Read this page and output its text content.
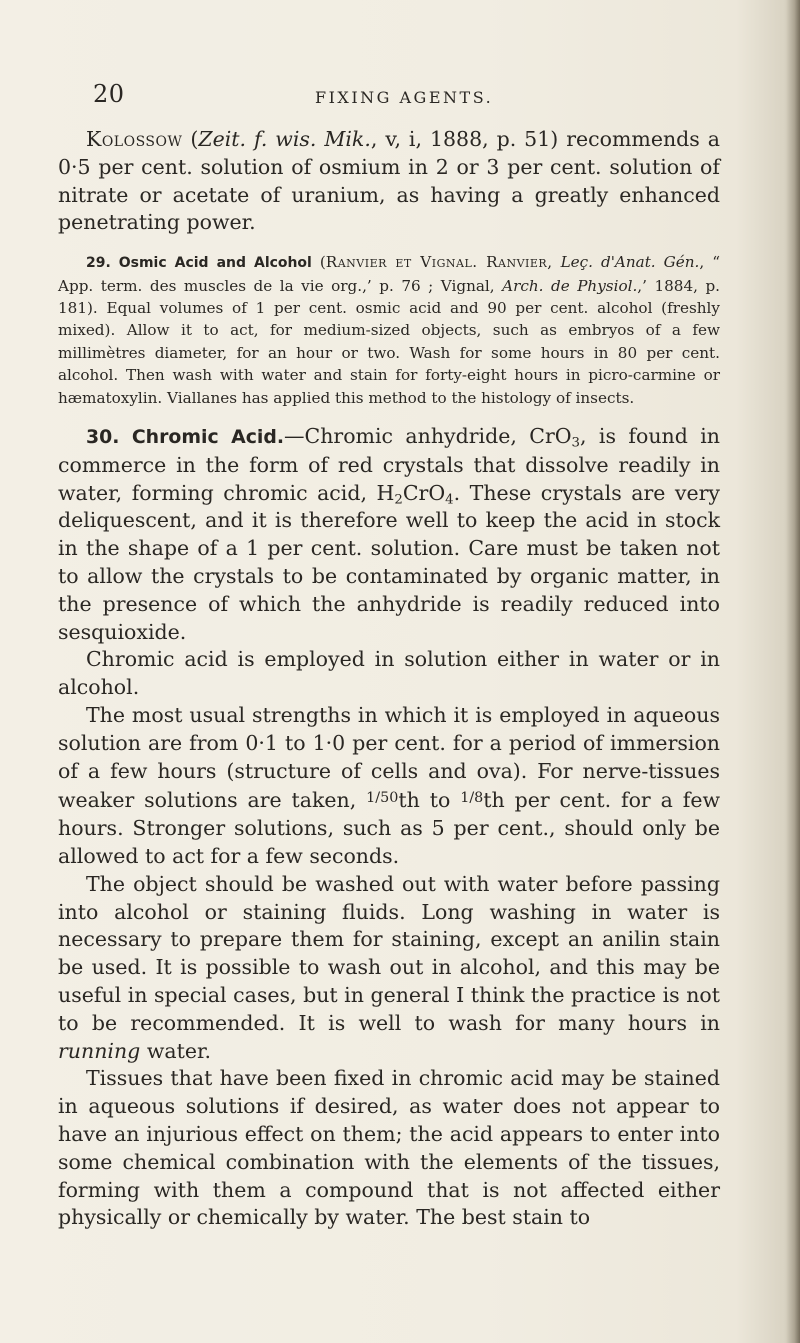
20	FIXING AGENTS.

Kolossow (Zeit. f. wis. Mik., v, i, 1888, p. 51) recommends a 0·5 per cent. solution of osmium in 2 or 3 per cent. solution of nitrate or acetate of uranium, as having a greatly enhanced penetrating power.

29. Osmic Acid and Alcohol (Ranvier et Vignal. Ranvier, Leç. d'Anat. Gén., “ App. term. des muscles de la vie org.,’ p. 76 ; Vignal, Arch. de Physiol.,’ 1884, p. 181). Equal volumes of 1 per cent. osmic acid and 90 per cent. alcohol (freshly mixed). Allow it to act, for medium-sized objects, such as embryos of a few millimètres diameter, for an hour or two. Wash for some hours in 80 per cent. alcohol. Then wash with water and stain for forty-eight hours in picro-carmine or hæmatoxylin. Viallanes has applied this method to the histology of insects.

30. Chromic Acid.—Chromic anhydride, CrO$_3$, is found in commerce in the form of red crystals that dissolve readily in water, forming chromic acid, $H_2CrO_4$. These crystals are very deliquescent, and it is therefore well to keep the acid in stock in the shape of a 1 per cent. solution. Care must be taken not to allow the crystals to be contaminated by organic matter, in the presence of which the anhydride is readily reduced into sesquioxide.

Chromic acid is employed in solution either in water or in alcohol.

The most usual strengths in which it is employed in aqueous solution are from 0·1 to 1·0 per cent. for a period of immersion of a few hours (structure of cells and ova). For nerve-tissues weaker solutions are taken, $^{1/50}$th to $^{1/8}$th per cent. for a few hours. Stronger solutions, such as 5 per cent., should only be allowed to act for a few seconds.

The object should be washed out with water before passing into alcohol or staining fluids. Long washing in water is necessary to prepare them for staining, except an anilin stain be used. It is possible to wash out in alcohol, and this may be useful in special cases, but in general I think the practice is not to be recommended. It is well to wash for many hours in running water.

Tissues that have been fixed in chromic acid may be stained in aqueous solutions if desired, as water does not appear to have an injurious effect on them; the acid appears to enter into some chemical combination with the elements of the tissues, forming with them a compound that is not affected either physically or chemically by water. The best stain to
